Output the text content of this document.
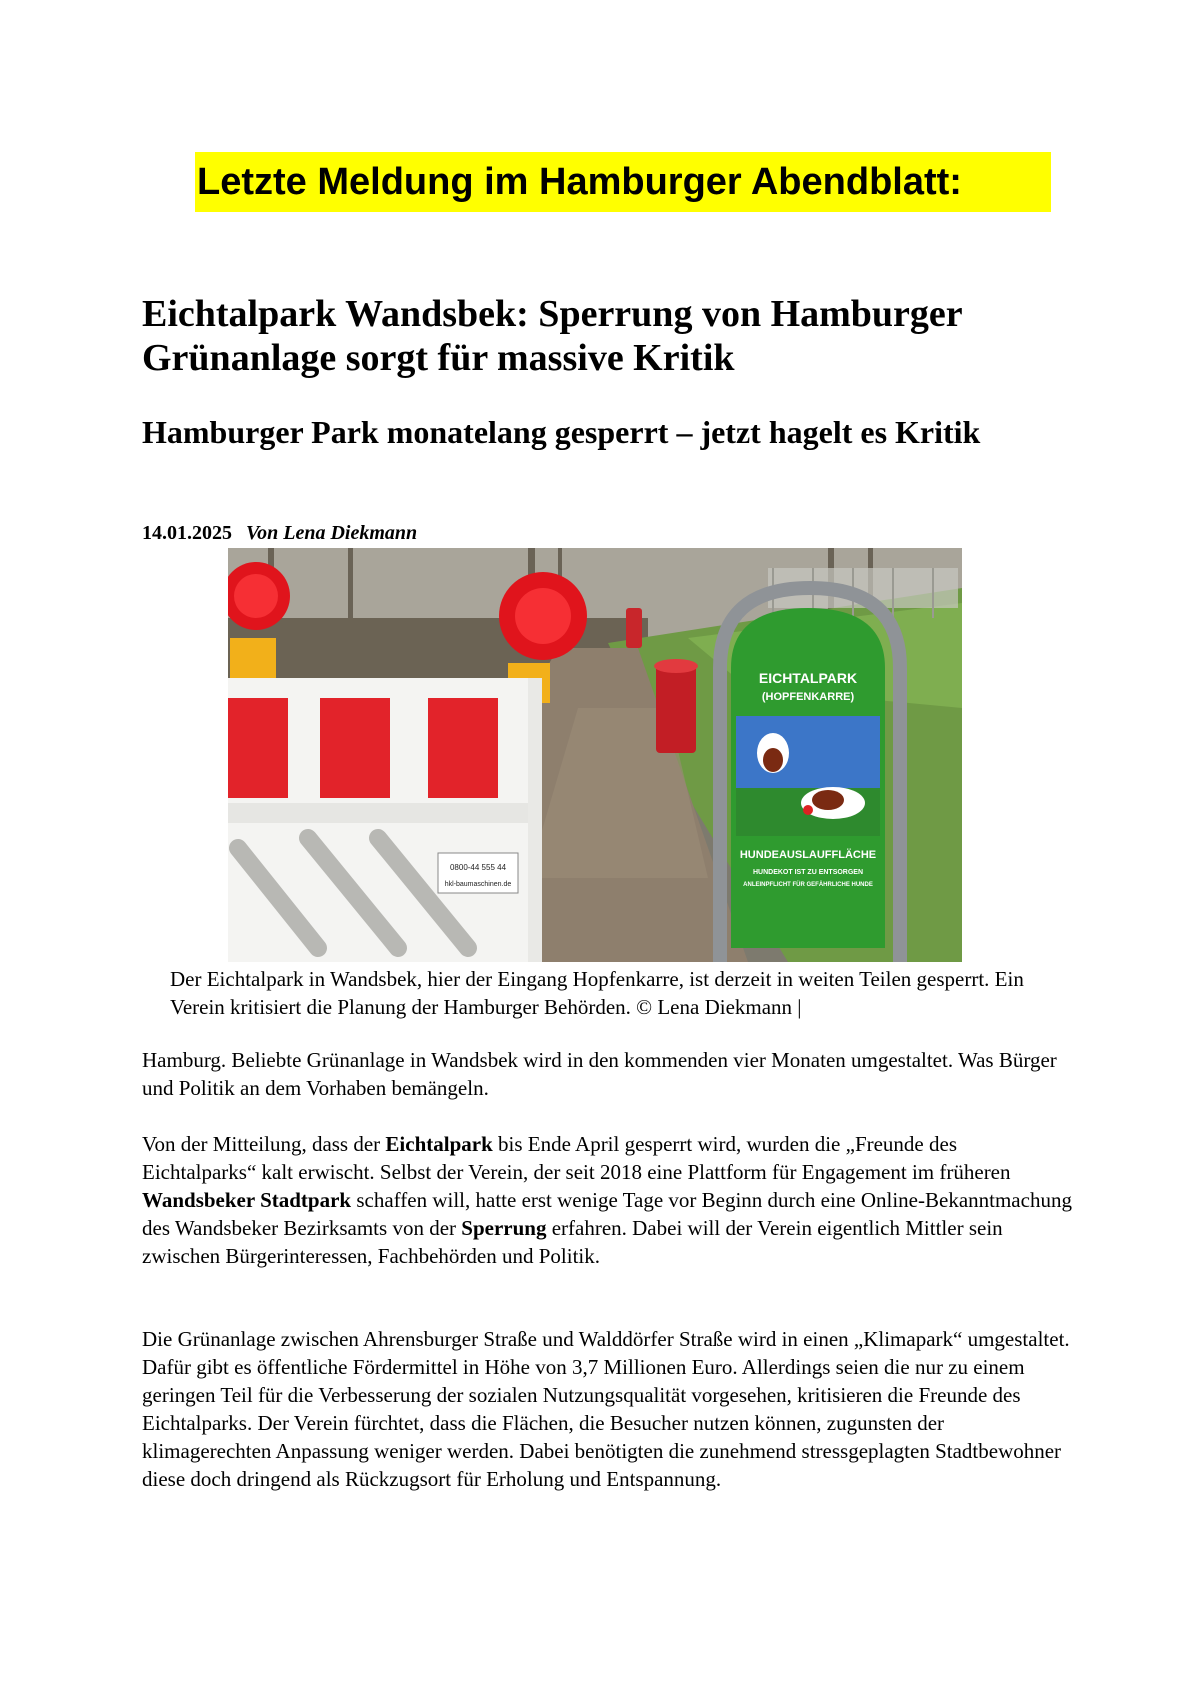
Letzte Meldung im Hamburger Abendblatt:
Eichtalpark Wandsbek: Sperrung von Hamburger Grünanlage sorgt für massive Kritik
Hamburger Park monatelang gesperrt – jetzt hagelt es Kritik
14.01.2025 Von Lena Diekmann
0800-44 555 44
hkl-baumaschinen.de
EICHTALPARK
(HOPFENKARRE)
HUNDEAUSLAUFFLÄCHE
HUNDEKOT IST ZU ENTSORGEN
ANLEINPFLICHT FÜR GEFÄHRLICHE HUNDE

Der Eichtalpark in Wandsbek, hier der Eingang Hopfenkarre, ist derzeit in weiten Teilen gesperrt. Ein Verein kritisiert die Planung der Hamburger Behörden. © Lena Diekmann |

Hamburg. Beliebte Grünanlage in Wandsbek wird in den kommenden vier Monaten umgestaltet. Was Bürger und Politik an dem Vorhaben bemängeln.

Von der Mitteilung, dass der Eichtalpark bis Ende April gesperrt wird, wurden die „Freunde des Eichtalparks“ kalt erwischt. Selbst der Verein, der seit 2018 eine Plattform für Engagement im früheren Wandsbeker Stadtpark schaffen will, hatte erst wenige Tage vor Beginn durch eine Online-Bekanntmachung des Wandsbeker Bezirksamts von der Sperrung erfahren. Dabei will der Verein eigentlich Mittler sein zwischen Bürgerinteressen, Fachbehörden und Politik.

Die Grünanlage zwischen Ahrensburger Straße und Walddörfer Straße wird in einen „Klimapark“ umgestaltet. Dafür gibt es öffentliche Fördermittel in Höhe von 3,7 Millionen Euro. Allerdings seien die nur zu einem geringen Teil für die Verbesserung der sozialen Nutzungsqualität vorgesehen, kritisieren die Freunde des Eichtalparks. Der Verein fürchtet, dass die Flächen, die Besucher nutzen können, zugunsten der klimagerechten Anpassung weniger werden. Dabei benötigten die zunehmend stressgeplagten Stadtbewohner diese doch dringend als Rückzugsort für Erholung und Entspannung.
